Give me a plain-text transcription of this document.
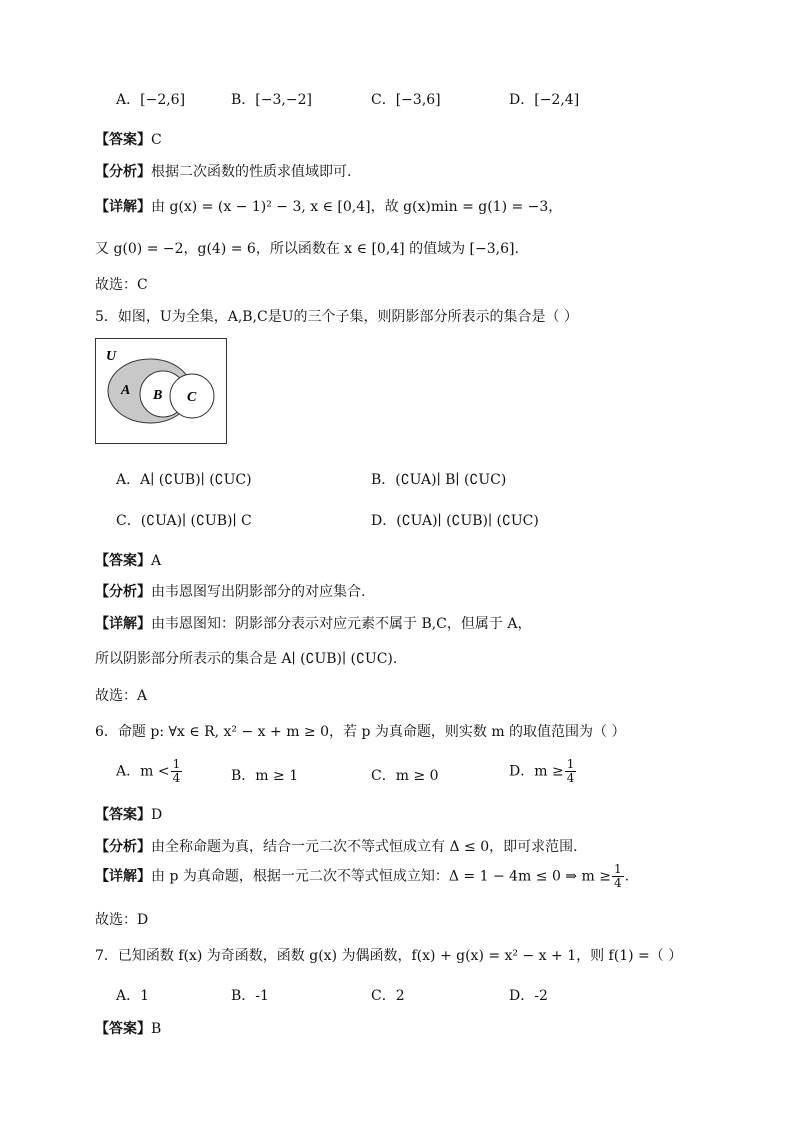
A．[−2,6]	B．[−3,−2]	C．[−3,6]	D．[−2,4]
【答案】C
【分析】根据二次函数的性质求值域即可.
【详解】由 g(x) = (x − 1)² − 3, x ∈ [0,4]，故 g(x)min = g(1) = −3，
又 g(0) = −2，g(4) = 6，所以函数在 x ∈ [0,4] 的值域为 [−3,6].
故选：C
5．如图，U为全集，A,B,C是U的三个子集，则阴影部分所表示的集合是（ ）
U
A B C
A．A∣ (∁UB)∣ (∁UC)	B．(∁UA)∣ B∣ (∁UC)
C．(∁UA)∣ (∁UB)∣ C	D．(∁UA)∣ (∁UB)∣ (∁UC)
【答案】A
【分析】由韦恩图写出阴影部分的对应集合.
【详解】由韦恩图知：阴影部分表示对应元素不属于 B,C，但属于 A，
所以阴影部分所表示的集合是 A∣ (∁UB)∣ (∁UC).
故选：A
6．命题 p: ∀x ∈ R, x² − x + m ≥ 0，若 p 为真命题，则实数 m 的取值范围为（ ）
A．$m < \frac{1}{4}$	B．m ≥ 1	C．m ≥ 0	D．$m \ge \frac{1}{4}$
【答案】D
【分析】由全称命题为真，结合一元二次不等式恒成立有 Δ ≤ 0，即可求范围.
【详解】由 p 为真命题，根据一元二次不等式恒成立知：Δ = 1 − 4m ≤ 0 ⇒ $m \ge \frac{1}{4}$ .
故选：D
7．已知函数 f(x) 为奇函数，函数 g(x) 为偶函数，f(x) + g(x) = x² − x + 1，则 f(1) =（ ）
A．1	B．-1	C．2	D．-2
【答案】B
